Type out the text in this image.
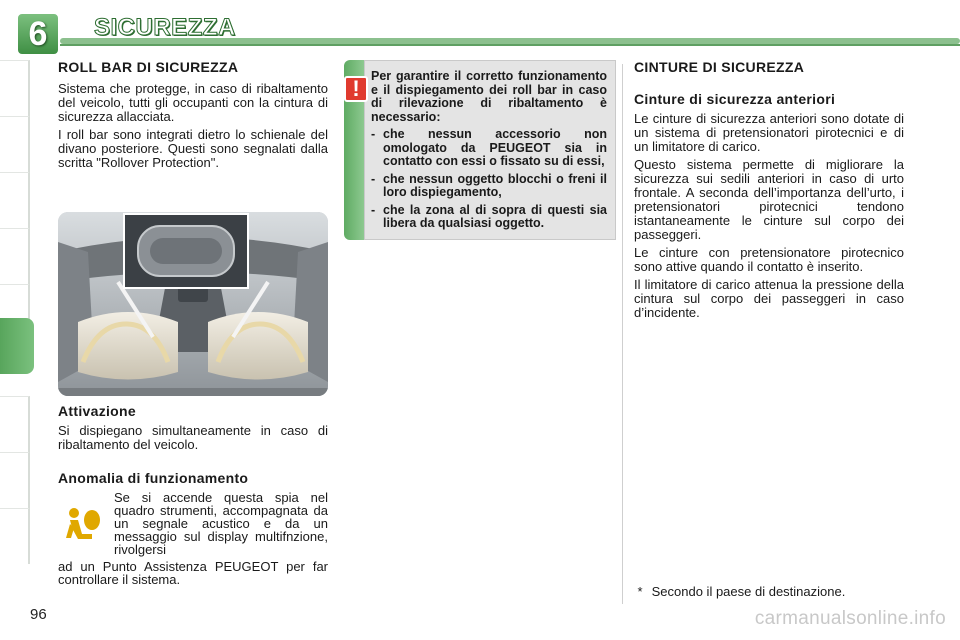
6	SICUREZZA
ROLL BAR DI SICUREZZA

Sistema che protegge, in caso di ribaltamento del veicolo, tutti gli occupanti con la cintura di sicurezza allacciata.

I roll bar sono integrati dietro lo schienale del divano posteriore. Questi sono segnalati dalla scritta "Rollover Protection".

Attivazione

Si dispiegano simultaneamente in caso di ribaltamento del veicolo.

Anomalia di funzionamento

Se si accende questa spia nel quadro strumenti, accompagnata da un segnale acustico e da un messaggio sul display multifnzione, rivolgersi

ad un Punto Assistenza PEUGEOT per far controllare il sistema.

Per garantire il corretto funzionamento e il dispiegamento dei roll bar in caso di rilevazione di ribaltamento è necessario:

- che nessun accessorio non omologato da PEUGEOT sia in contatto con essi o fissato su di essi,
- che nessun oggetto blocchi o freni il loro dispiegamento,
- che la zona al di sopra di questi sia libera da qualsiasi oggetto.
!
CINTURE DI SICUREZZA
Cinture di sicurezza anteriori

Le cinture di sicurezza anteriori sono dotate di un sistema di pretensionatori pirotecnici e di un limitatore di carico.

Questo sistema permette di migliorare la sicurezza sui sedili anteriori in caso di urto frontale. A seconda dell’importanza dell’urto, i pretensionatori pirotecnici tendono istantaneamente le cinture sul corpo dei passeggeri.

Le cinture con pretensionatore pirotecnico sono attive quando il contatto è inserito.

Il limitatore di carico attenua la pressione della cintura sul corpo dei passeggeri in caso d’incidente.

* Secondo il paese di destinazione.
96	carmanualsonline.info
